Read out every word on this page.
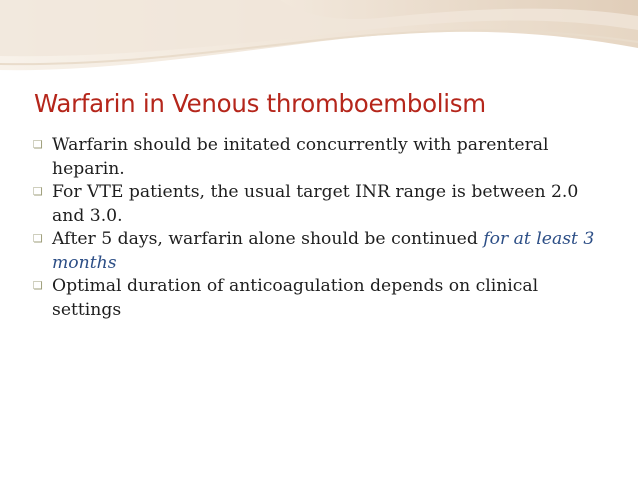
Warfarin in Venous thromboembolism
❏ Warfarin should be initated concurrently with parenteral heparin.
❏ For VTE patients, the usual target INR range is between 2.0 and 3.0.
❏ After 5 days, warfarin alone should be continued for at least 3 months
❏ Optimal duration of anticoagulation depends on clinical settings
